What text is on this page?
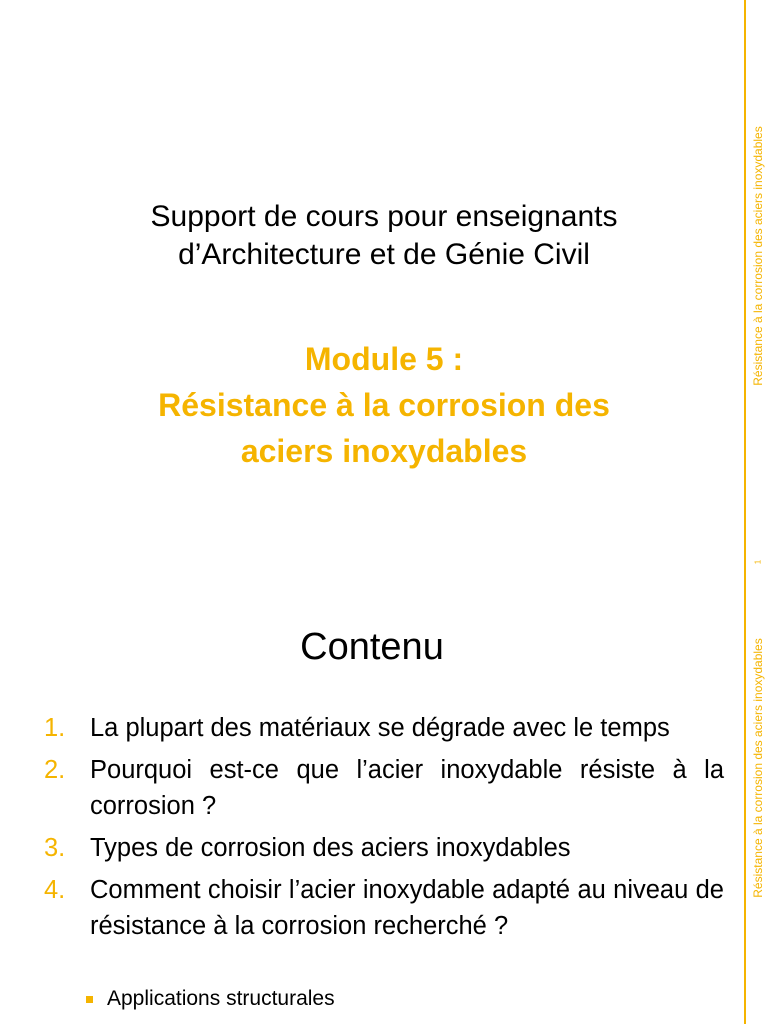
Support de cours pour enseignants
d’Architecture et de Génie Civil
Module 5 :
Résistance à la corrosion des
aciers inoxydables
Résistance à la corrosion des aciers inoxydables
Contenu
1. La plupart des matériaux se dégrade avec le temps
2. Pourquoi est-ce que l’acier inoxydable résiste à la corrosion ?
3. Types de corrosion des aciers inoxydables
4. Comment choisir l’acier inoxydable adapté au niveau de résistance à la corrosion recherché ?
Applications structurales
1
Résistance à la corrosion des aciers inoxydables
